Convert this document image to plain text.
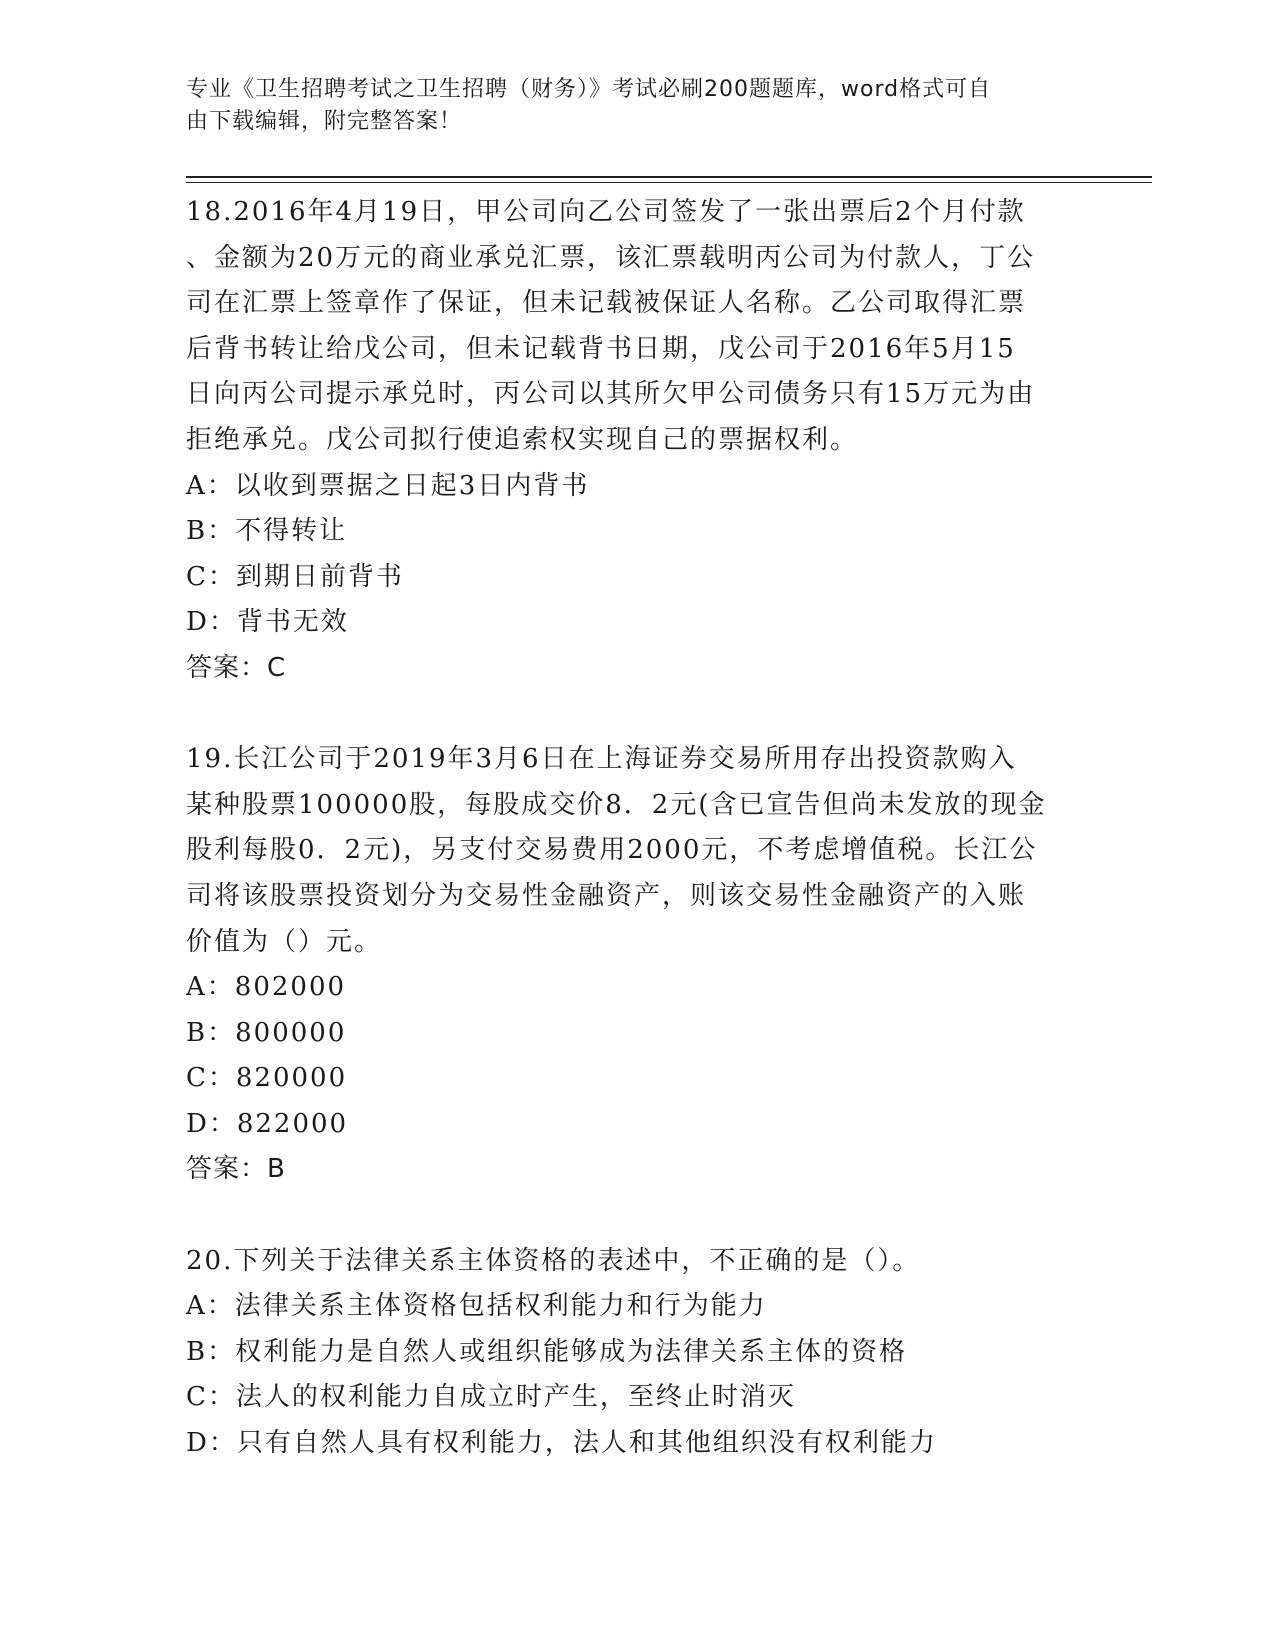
专业《卫生招聘考试之卫生招聘（财务）》考试必刷200题题库，word格式可自
由下载编辑，附完整答案！

18.2016年4月19日，甲公司向乙公司签发了一张出票后2个月付款
、金额为20万元的商业承兑汇票，该汇票载明丙公司为付款人，丁公
司在汇票上签章作了保证，但未记载被保证人名称。乙公司取得汇票
后背书转让给戊公司，但未记载背书日期，戊公司于2016年5月15
日向丙公司提示承兑时，丙公司以其所欠甲公司债务只有15万元为由
拒绝承兑。戊公司拟行使追索权实现自己的票据权利。

A：以收到票据之日起3日内背书

B：不得转让

C：到期日前背书

D：背书无效

答案：C

19.长江公司于2019年3月6日在上海证券交易所用存出投资款购入
某种股票100000股，每股成交价8．2元(含已宣告但尚未发放的现金
股利每股0．2元)，另支付交易费用2000元，不考虑增值税。长江公
司将该股票投资划分为交易性金融资产，则该交易性金融资产的入账
价值为（）元。

A：802000

B：800000

C：820000

D：822000

答案：B

20.下列关于法律关系主体资格的表述中，不正确的是（）。

A：法律关系主体资格包括权利能力和行为能力

B：权利能力是自然人或组织能够成为法律关系主体的资格

C：法人的权利能力自成立时产生，至终止时消灭

D：只有自然人具有权利能力，法人和其他组织没有权利能力
